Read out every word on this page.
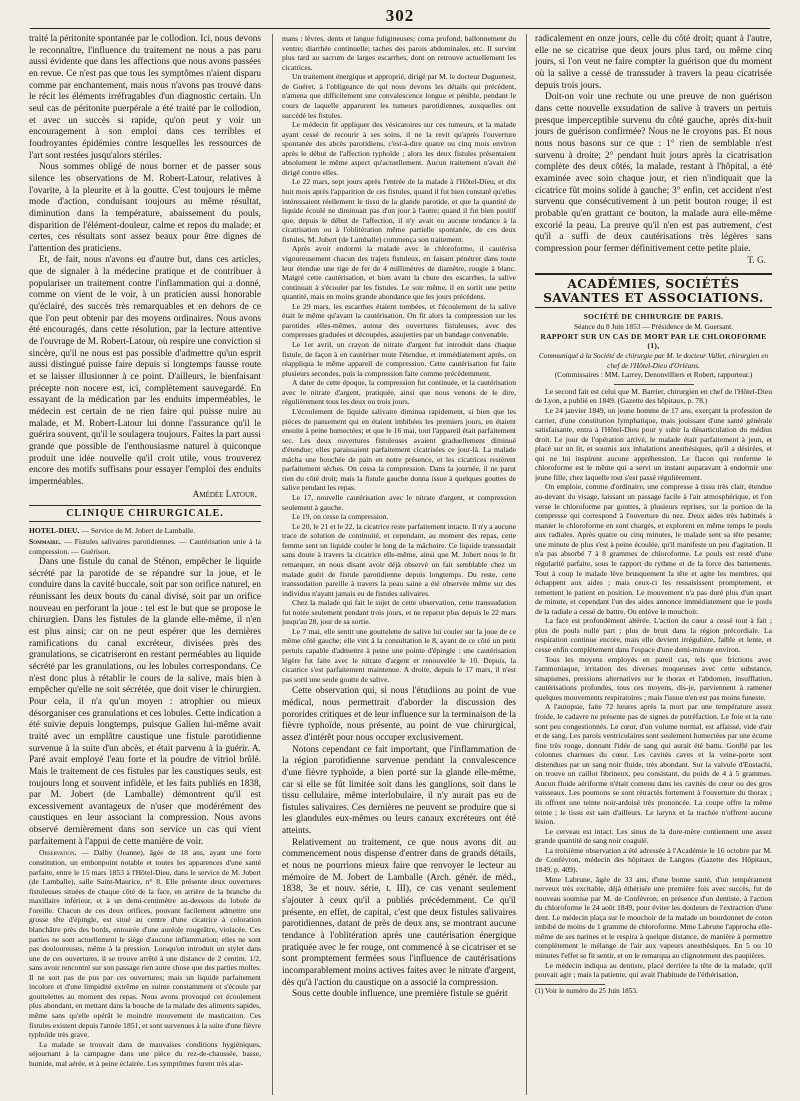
302

traité la péritonite spontanée par le collodion. Ici, nous devons le reconnaître, l'influence du traitement ne nous a pas paru aussi évidente que dans les affections que nous avons passées en revue. Ce n'est pas que tous les symptômes n'aient disparu comme par enchantement, mais nous n'avons pas trouvé dans le récit les éléments irréfragables d'un diagnostic certain. Un seul cas de péritonite puerpérale a été traité par le collodion, et avec un succès si rapide, qu'on peut y voir un encouragement à son emploi dans ces terribles et foudroyantes épidémies contre lesquelles les ressources de l'art sont restées jusqu'alors stériles.

Nous sommes obligé de nous borner et de passer sous silence les observations de M. Robert-Latour, relatives à l'ovarite, à la pleurite et à la goutte. C'est toujours le même mode d'action, conduisant toujours au même résultat, diminution dans la température, abaissement du pouls, disparition de l'élément-douleur, calme et repos du malade; et certes, ces résultats sont assez beaux pour être dignes de l'attention des praticiens.

Et, de fait, nous n'avons eu d'autre but, dans ces articles, que de signaler à la médecine pratique et de contribuer à populariser un traitement contre l'inflammation qui a donné, comme on vient de le voir, à un praticien aussi honorable qu'éclairé, des succès très remarquables et en dehors de ce que l'on peut obtenir par des moyens ordinaires. Nous avons été encouragés, dans cette résolution, par la lecture attentive de l'ouvrage de M. Robert-Latour, où respire une conviction si sincère, qu'il ne nous est pas possible d'admettre qu'un esprit aussi distingué puisse faire depuis si longtemps fausse route et se laisser illusionner à ce point. D'ailleurs, le bienfaisant précepte non nocere est, ici, complètement sauvegardé. En essayant de la médication par les enduits imperméables, le médecin est certain de ne rien faire qui puisse nuire au malade, et M. Robert-Latour lui donne l'assurance qu'il le guérira souvent, qu'il le soulagera toujours. Faites la part aussi grande que possible de l'enthousiasme naturel à quiconque produit une idée nouvelle qu'il croit utile, vous trouverez encore des motifs suffisans pour essayer l'emploi des enduits imperméables.

Amédée Latour.
CLINIQUE CHIRURGICALE.
HOTEL-DIEU. — Service de M. Jobert de Lamballe.
Sommaire. — Fistules salivaires parotidiennes. — Cautérisation unie à la compression. — Guérison.

Dans une fistule du canal de Sténon, empêcher le liquide sécrété par la parotide de se répandre sur la joue, et le conduire dans la cavité buccale, soit par son orifice naturel, en réunissant les deux bouts du canal divisé, soit par un orifice nouveau en perforant la joue : tel est le but que se propose le chirurgien. Dans les fistules de la glande elle-même, il n'en est plus ainsi; car on ne peut espérer que les dernières ramifications du canal excréteur, divisées près des granulations, se cicatriseront en restant perméables au liquide sécrété par les granulations, ou les lobules correspondans. Ce n'est donc plus à rétablir le cours de la salive, mais bien à empêcher qu'elle ne soit sécrétée, que doit viser le chirurgien. Pour cela, il n'a qu'un moyen : atrophier ou mieux désorganiser ces granulations et ces lobules. Cette indication a été suivie depuis longtemps, puisque Galien lui-même avait traité avec un emplâtre caustique une fistule parotidienne survenue à la suite d'un abcès, et était parvenu à la guérir. A. Paré avait employé l'eau forte et la poudre de vitriol brûlé. Mais le traitement de ces fistules par les caustiques seuls, est toujours long et souvent infidèle, et les faits publiés en 1838, par M. Jobert (de Lamballe) démontrent qu'il est excessivement avantageux de n'user que modérément des caustiques en leur associant la compression. Nous avons observé dernièrement dans son service un cas qui vient parfaitement à l'appui de cette manière de voir.

Observation. — Dalby (Jeanne), âgée de 18 ans, ayant une forte constitution, un embonpoint notable et toutes les apparences d'une santé parfaite, entre le 15 mars 1853 à l'Hôtel-Dieu, dans le service de M. Jobert (de Lamballe), salle Saint-Maurice, n° 8. Elle présente deux ouvertures fistuleuses situées de chaque côté de la face, en arrière de la branche du maxillaire inférieur, et à un demi-centimètre au-dessous du lobule de l'oreille. Chacun de ces deux orifices, pouvant facilement admettre une grosse tête d'épingle, est situé au centre d'une cicatrice à coloration blanchâtre près des bords, entourée d'une auréole rougeâtre, violacée. Ces parties ne sont actuellement le siège d'aucune inflammation; elles ne sont pas douloureuses, même à la pression. Lorsqu'on introduit un stylet dans une de ces ouvertures, il se trouve arrêté à une distance de 2 centim. 1/2, sans avoir rencontré sur son passage rien autre chose que des parties molles. Il ne sort pas de pus par ces ouvertures; mais un liquide parfaitement incolore et d'une limpidité extrême en suinte constamment et s'écoule par gouttelettes au moment des repas. Nous avons provoqué cet écoulement plus abondant, en mettant dans la bouche de la malade des aliments sapides, même sans qu'elle opérât le moindre mouvement de mastication. Ces fistules existent depuis l'année 1851, et sont survenues à la suite d'une fièvre typhoïde très grave.

La malade se trouvait dans de mauvaises conditions hygiéniques, séjournant à la campagne dans une pièce du rez-de-chaussée, basse, humide, mal aérée, et à peine éclairée. Les symptômes furent très alar-

mans : lèvres, dents et langue fuligineuses; coma profond, ballonnement du ventre; diarrhée continuelle; taches des parois abdominales, etc. Il survint plus tard au sacrum de larges escarrhes, dont on retrouve actuellement les cicatrices.

Un traitement énergique et approprié, dirigé par M. le docteur Duguenest, de Guéret, à l'obligeance de qui nous devons les détails qui précèdent, n'amena que difficilement une convalescence longue et pénible, pendant le cours de laquelle apparurent les tumeurs parotidiennes, auxquelles ont succédé les fistules.

Le médecin fit appliquer des vésicatoires sur ces tumeurs, et la malade ayant cessé de recourir à ses soins, il ne la revit qu'après l'ouverture spontanée des abcès parotidiens, c'est-à-dire quatre ou cinq mois environ après le début de l'affection typhoïde ; alors les deux fistules présentaient absolument le même aspect qu'actuellement. Aucun traitement n'avait été dirigé contre elles.

Le 22 mars, sept jours après l'entrée de la malade à l'Hôtel-Dieu, et dix huit mois après l'apparition de ces fistules, quand il fut bien constaté qu'elles intéressaient réellement le tissu de la glande parotide, et que la quantité de liquide écoulé ne diminuait pas d'un jour à l'autre; quand il fut bien positif que, depuis le début de l'affection, il n'y avait eu aucune tendance à la cicatrisation ou à l'oblitération même partielle spontanée, de ces deux fistules, M. Jobert (de Lamballe) commença son traitement.

Après avoir endormi la malade avec le chloroforme, il cautérisa vigoureusement chacun des trajets fistuleux, en faisant pénétrer dans toute leur étendue une tige de fer de 4 millimètres de diamètre, rougie à blanc. Malgré cette cautérisation, et bien avant la chute des escarrhes, la salive continuait à s'écouler par les fistules. Le soir même, il en sortit une petite quantité, mais en moins grande abondance que les jours précédens.

Le 29 mars, les escarrhes étaient tombées, et l'écoulement de la salive était le même qu'avant la cautérisation. On fit alors la compression sur les parotides elles-mêmes, autour des ouvertures fistuleuses, avec des compresses graduées et découpées, assujetties par un bandage convenable.

Le 1er avril, un crayon de nitrate d'argent fut introduit dans chaque fistule, de façon à en cautériser toute l'étendue, et immédiatement après, on réappliqua le même appareil de compression. Cette cautérisation fut faite plusieurs secondes, puis la compression faite comme précédemment.

A dater de cette époque, la compression fut continuée, et la cautérisation avec le nitrate d'argent, pratiquée, ainsi que nous venons de le dire, régulièrement tous les deux ou trois jours.

L'écoulement de liquide salivaire diminua rapidement, si bien que les pièces de pansement qui en étaient imbibées les premiers jours, en étaient ensuite à peine humectées; et que le 16 mai, tout l'appareil était parfaitement sec. Les deux ouvertures fistuleuses avaient graduellement diminué d'étendue; elles paraissaient parfaitement cicatrisées ce jour-là. La malade mâcha une bouchée de pain en notre présence, et les cicatrices restèrent parfaitement sèches. On cessa la compression. Dans la journée, il ne parut rien du côté droit; mais la fistule gauche donna issue à quelques gouttes de salive pendant les repas.

Le 17, nouvelle cautérisation avec le nitrate d'argent, et compression seulement à gauche.

Le 19, on cesse la compression.

Le 20, le 21 et le 22, la cicatrice reste parfaitement intacte. Il n'y a aucune trace de solution de continuité, et cependant, au moment des repas, cette femme sent un liquide couler le long de la mâchoire. Ce liquide transsudait sans doute à travers la cicatrice elle-même, ainsi que M. Jobert nous le fit remarquer, en nous disant avoir déjà observé un fait semblable chez un malade guéri de fistule parotidienne depuis longtemps. Du reste, cette transsudation pareille à travers la peau saine a été observée même sur des individus n'ayant jamais eu de fistules salivaires.

Chez la malade qui fait le sujet de cette observation, cette transsudation fut notée seulement pendant trois jours, et ne reparut plus depuis le 22 mars jusqu'au 28, jour de sa sortie.

Le 7 mai, elle sentit une gouttelette de salive lui couler sur la joue de ce même côté gauche; elle vint à la consultation le 8, ayant de ce côté un petit pertuis capable d'admettre à peine une pointe d'épingle : une cautérisation légère fut faite avec le nitrate d'argent et renouvelée le 10. Depuis, la cicatrice s'est parfaitement maintenue. A droite, depuis le 17 mars, il n'est pas sorti une seule goutte de salive.

Cette observation qui, si nous l'étudiions au point de vue médical, nous permettrait d'aborder la discussion des pororides critiques et de leur influence sur la terminaison de la fièvre typhoïde, nous présente, au point de vue chirurgical, assez d'intérêt pour nous occuper exclusivement.

Notons cependant ce fait important, que l'inflammation de la région parotidienne survenue pendant la convalescence d'une fièvre typhoïde, a bien porté sur la glande elle-même, car si elle se fût limitée soit dans les ganglions, soit dans le tissu cellulaire, même interlobulaire, il n'y aurait pas eu de fistules salivaires. Ces dernières ne peuvent se produire que si les glandules eux-mêmes ou leurs canaux excréteurs ont été atteints.

Relativement au traitement, ce que nous avons dit au commencement nous dispense d'entrer dans de grands détails, et nous ne pourrions mieux faire que renvoyer le lecteur au mémoire de M. Jobert de Lamballe (Arch. génér. de méd., 1838, 3e et nouv. série, t. III), ce cas venant seulement s'ajouter à ceux qu'il a publiés précédemment. Ce qu'il présente, en effet, de capital, c'est que deux fistules salivaires parotidiennes, datant de près de deux ans, se montrant aucune tendance à l'oblitération après une cautérisation énergique pratiquée avec le fer rouge, ont commencé à se cicatriser et se sont promptement fermées sous l'influence de cautérisations incomparablement moins actives faites avec le nitrate d'argent, dès qu'à l'action du caustique on a associé la compression.

Sous cette double influence, une première fistule se guérit

radicalement en onze jours, celle du côté droit; quant à l'autre, elle ne se cicatrise que deux jours plus tard, ou même cinq jours, si l'on veut ne faire compter la guérison que du moment où la salive a cessé de transsuder à travers la peau cicatrisée depuis trois jours.

Doit-on voir une rechute ou une preuve de non guérison dans cette nouvelle exsudation de salive à travers un pertuis presque imperceptible survenu du côté gauche, après dix-huit jours de guérison confirmée? Nous ne le croyons pas. Et nous nous nous basons sur ce que : 1° rien de semblable n'est survenu à droite; 2° pendant huit jours après la cicatrisation complète des deux côtés, la malade, restant à l'hôpital, a été examinée avec soin chaque jour, et rien n'indiquait que la cicatrice fût moins solide à gauche; 3° enfin, cet accident n'est survenu que consécutivement à un petit bouton rouge; il est probable qu'en grattant ce bouton, la malade aura elle-même excorié la peau. La preuve qu'il n'en est pas autrement, c'est qu'il a suffi de deux cautérisations très légères sans compression pour fermer définitivement cette petite plaie.

T. G.
ACADÉMIES, SOCIÉTÉS SAVANTES ET ASSOCIATIONS.
SOCIÉTÉ DE CHIRURGIE DE PARIS.
Séance du 8 Juin 1853 — Présidence de M. Guersant.
RAPPORT SUR UN CAS DE MORT PAR LE CHLOROFORME (1),
Communiqué à la Société de chirurgie par M. le docteur Vallet, chirurgien en chef de l'Hôtel-Dieu d'Orléans.
(Commissaires : MM. Larrey, Denonvilliers et Robert, rapporteur.)

Le second fait est celui que M. Barrier, chirurgien en chef de l'Hôtel-Dieu de Lyon, a publié en 1849. (Gazette des hôpitaux, p. 78.)

Le 24 janvier 1849, un jeune homme de 17 ans, exerçant la profession de carrier, d'une constitution lymphatique, mais jouissant d'une santé générale satisfaisante, entra à l'Hôtel-Dieu pour y subir la désarticulation du médius droit. Le jour de l'opération arrivé, le malade était parfaitement à jeun, et placé sur un lit, et soumis aux inhalations anesthésiques, qu'il a désirées, et qui ne lui inspirent aucune appréhension. Le flacon qui renferme le chloroforme est le même qui a servi un instant auparavant à endormir une jeune fille, chez laquelle tout s'est passé régulièrement.

On emploie, comme d'ordinaire, une compresse à tissu très clair, étendue au-devant du visage, laissant un passage facile à l'air atmosphérique, et l'on verse le chloroforme par gouttes, à plusieurs reprises, sur la portion de la compresse qui correspond à l'ouverture du nez. Deux aides très habitués à manier le chloroforme en sont chargés, et explorent en même temps le pouls aux radiales. Après quatre ou cinq minutes, le malade sent sa tête pesante; une minute de plus s'est à peine écoulée, qu'il manifeste un peu d'agitation. Il n'a pas absorbé 7 à 8 grammes de chloroforme. Le pouls est resté d'une régularité parfaite, sous le rapport du rythme et de la force des battements. Tout à coup le malade lève brusquement la tête et agite les membres, qui échappent aux aides ; mais ceux-ci les ressaisissent promptement, et remettent le patient en position. Le mouvement n'a pas duré plus d'un quart de minute, et cependant l'un des aides annonce immédiatement que le pouls de la radiale a cessé de battre. On enlève le mouchoir.

La face est profondément altérée. L'action du cœur a cessé tout à fait ; plus de pouls nulle part ; plus de bruit dans la région précordiale. La respiration continue encore, mais elle devient irrégulière, faible et lente, et cesse enfin complètement dans l'espace d'une demi-minute environ.

Tous les moyens employés en pareil cas, tels que frictions avec l'ammoniaque, irritation des diverses muqueuses avec cette substance, sinapismes, pressions alternatives sur le thorax et l'abdomen, insufflation, cautérisations profondes, tous ces moyens, dis-je, parviennent à ramener quelques mouvements respiratoires ; mais l'issue n'en est pas moins funeste.

A l'autopsie, faite 72 heures après la mort par une température assez froide, le cadavre ne présente pas de signes de putréfaction. Le foie et la rate sont peu congestionnés. Le cœur, d'un volume normal, est affaissé, vide d'air et de sang. Les parois ventriculaires sont seulement humectées par une écume fine très rouge, donnant l'idée de sang qui aurait été battu. Gonflé par les colonnes charnues du cœur. Les cavités caves et la veine-porte sont distendues par un sang noir fluide, très abondant. Sur la valvule d'Eustachi, on trouve un caillot fibrineux, peu consistant, du poids de 4 à 5 grammes. Aucun fluide aériforme n'était contenu dans les cavités du cœur ou des gros vaisseaux. Les poumons se sont rétractés fortement à l'ouverture du thorax ; ils offrent une teinte noir-ardoisé très prononcée. La coupe offre la même teinte ; le tissu est sain d'ailleurs. Le larynx et la trachée n'offrent aucune lésion.

Le cerveau est intact. Les sinus de la dure-mère contiennent une assez grande quantité de sang noir coagulé.

La troisième observation a été adressée à l'Académie le 16 octobre par M. de Confévron, médecin des hôpitaux de Langres (Gazette des Hôpitaux, 1849, p. 409).

Mme Labrune, âgée de 33 ans, d'une bonne santé, d'un tempérament nerveux très excitable, déjà éthérisée une première fois avec succès, fut de nouveau soumise par M. de Confévron, en présence d'un dentiste, à l'action du chloroforme le 24 août 1849, pour éviter les douleurs de l'extraction d'une dent. Le médecin plaça sur le mouchoir de la malade un bourdonnet de coton imbibé de moins de 1 gramme de chloroforme. Mme Labrune l'approcha elle-même de ses narines et le respira à quelque distance, de manière à permettre complètement le mélange de l'air aux vapeurs anesthésiques. En 5 ou 10 minutes l'effet se fit sentir, et on le remarqua au clignotement des paupières.

Le médecin indiqua au dentiste, placé derrière la tête de la malade, qu'il pouvait agir ; mais la patiente, qui avait l'habitude de l'éthérisation,

(1) Voir le numéro du 25 Juin 1853.
